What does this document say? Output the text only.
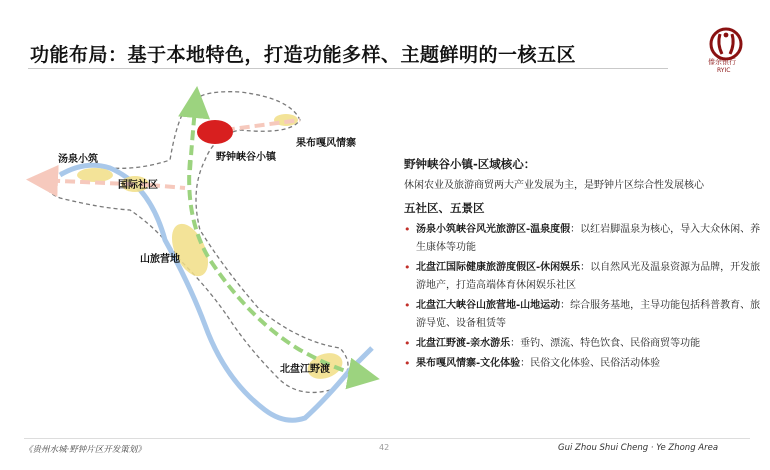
功能布局：基于本地特色，打造功能多样、主题鲜明的一核五区	傣余银行
RYIC
汤泉小筑
国际社区
野钟峡谷小镇
果布嘎风情寨
山旅营地
北盘江野渡
野钟峡谷小镇-区域核心：
休闲农业及旅游商贸两大产业发展为主，是野钟片区综合性发展核心
五社区、五景区
• 汤泉小筑峡谷风光旅游区-温泉度假：以红岩脚温泉为核心，导入大众休闲、养生康体等功能
• 北盘江国际健康旅游度假区-休闲娱乐：以自然风光及温泉资源为品牌，开发旅游地产，打造高端体育休闲娱乐社区
• 北盘江大峡谷山旅营地-山地运动：综合服务基地，主导功能包括科普教育、旅游导览、设备租赁等
• 北盘江野渡-亲水游乐：垂钓、漂流、特色饮食、民俗商贸等功能
• 果布嘎风情寨-文化体验：民俗文化体验、民俗活动体验
《贵州水城·野钟片区开发策划》	42	Gui Zhou Shui Cheng · Ye Zhong Area
